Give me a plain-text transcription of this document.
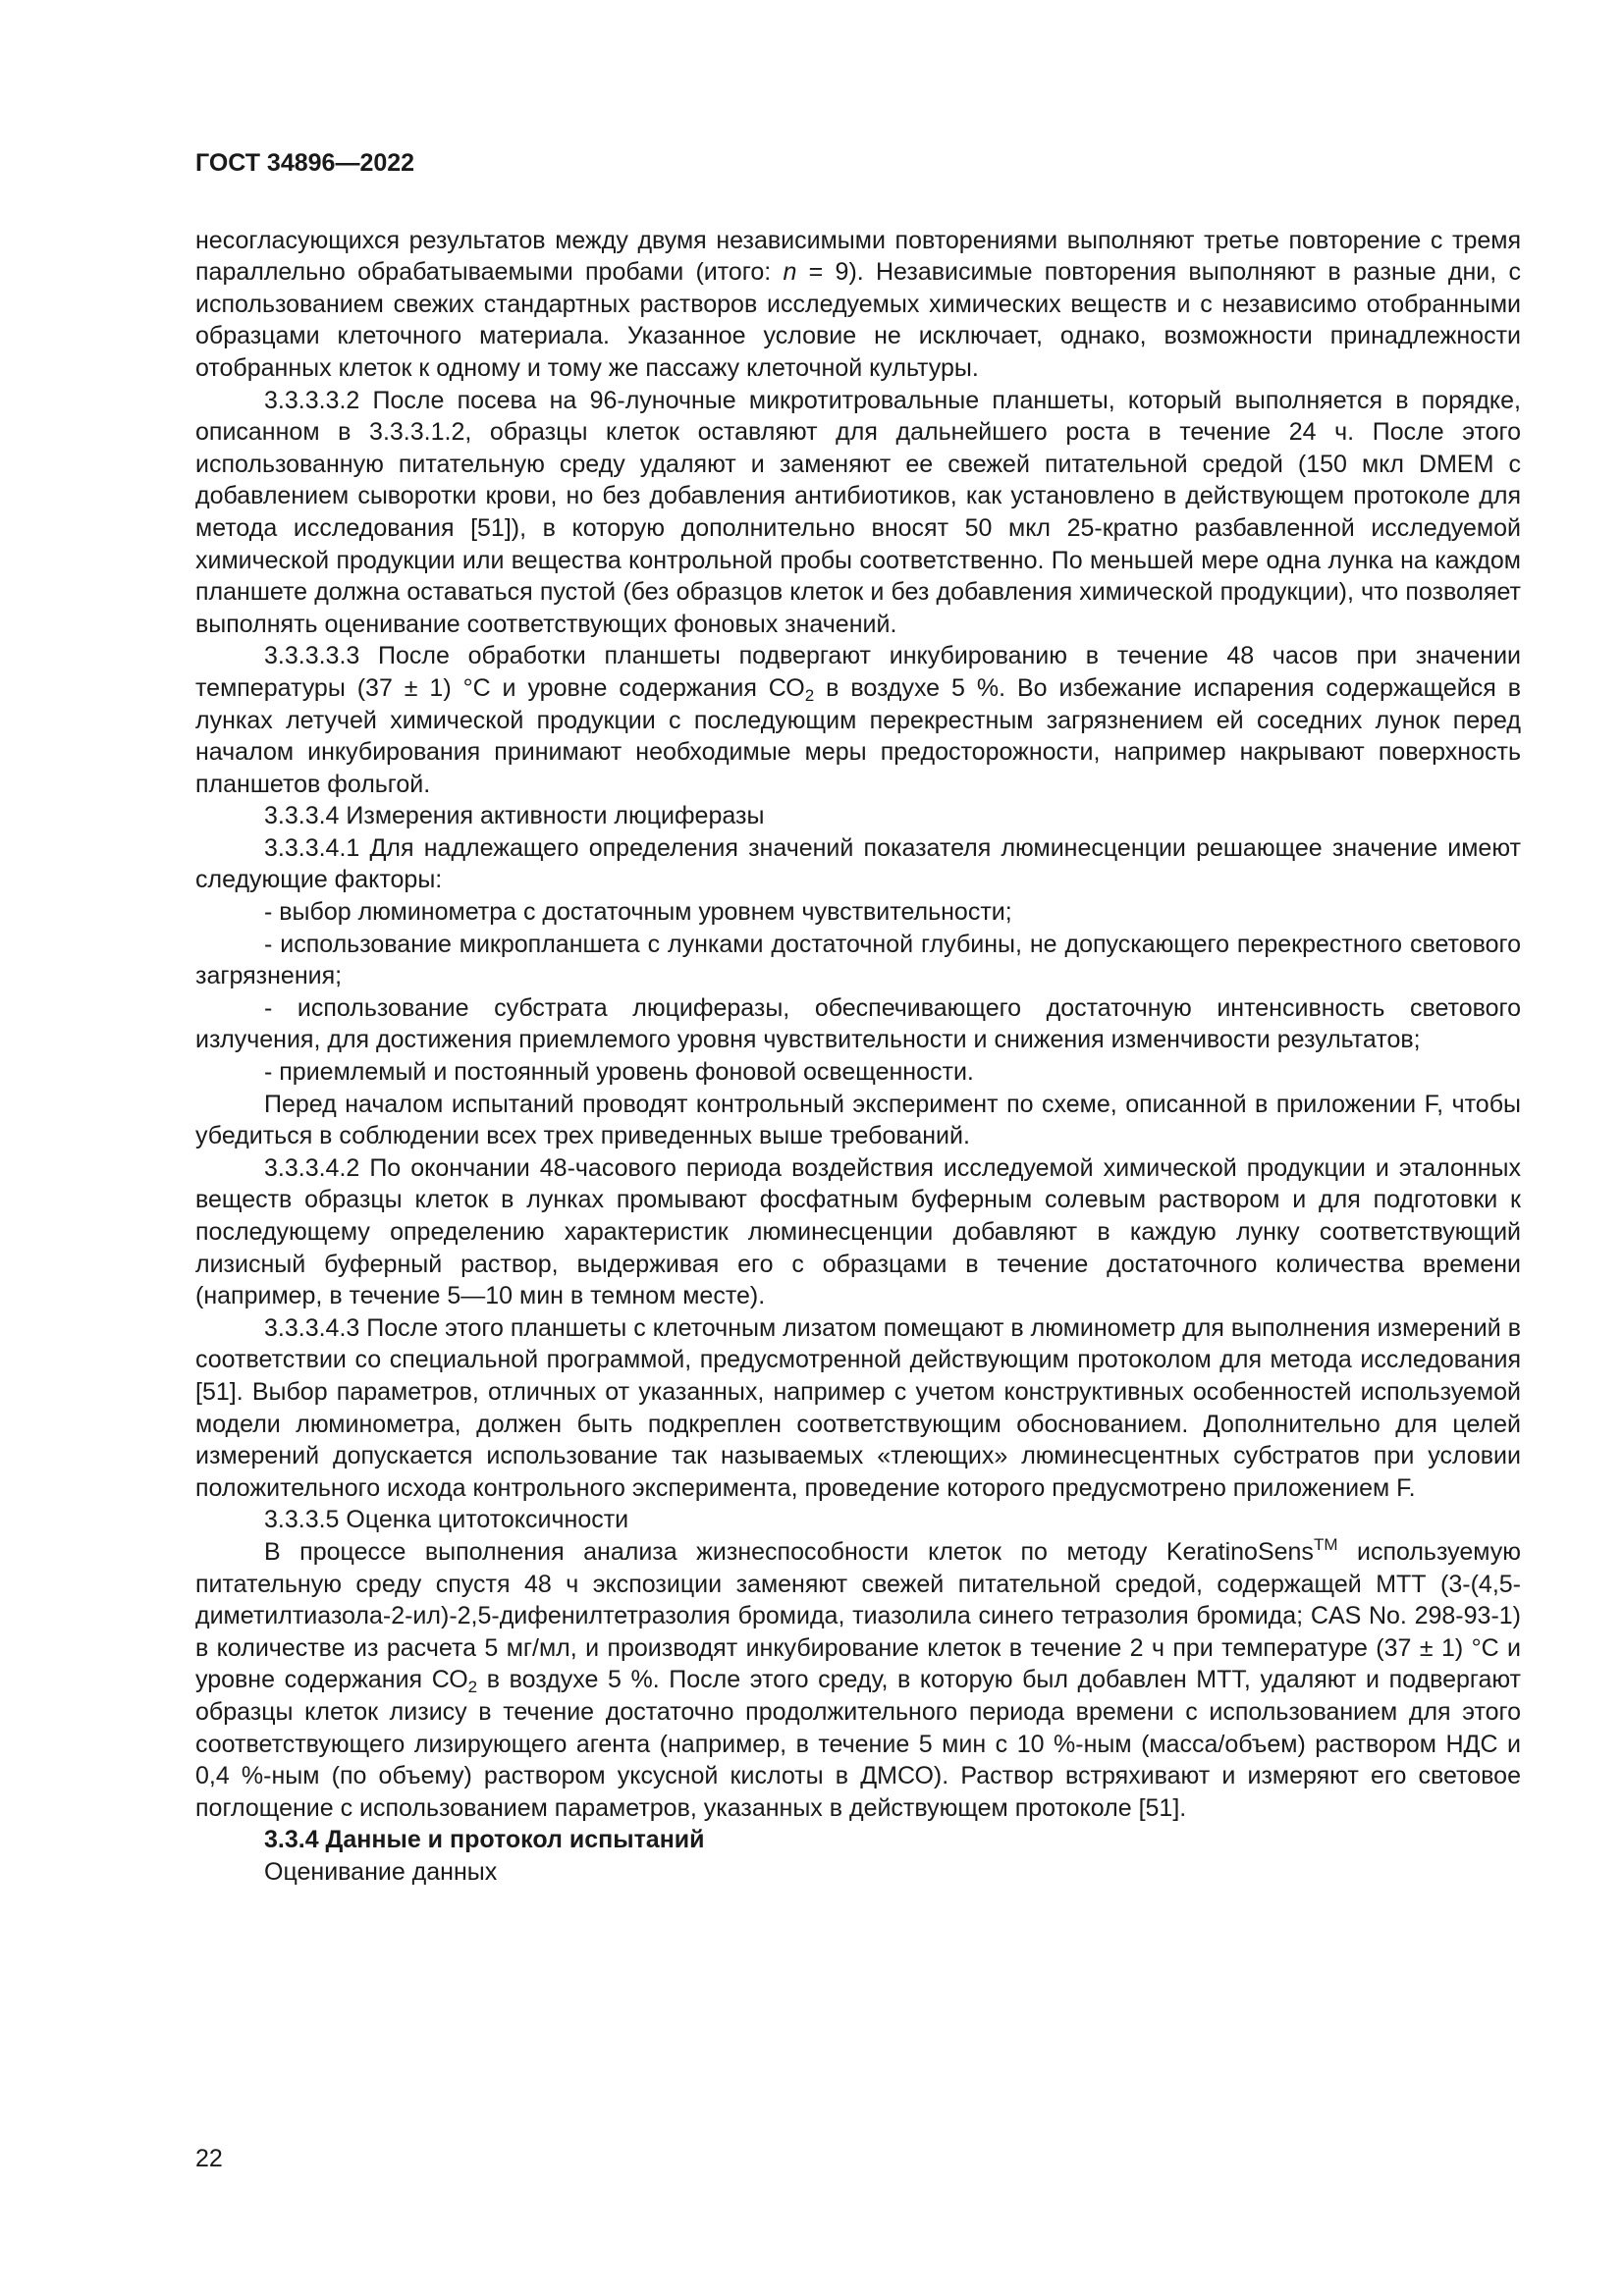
ГОСТ 34896—2022

несогласующихся результатов между двумя независимыми повторениями выполняют третье повторение с тремя параллельно обрабатываемыми пробами (итого: n = 9). Независимые повторения выполняют в разные дни, с использованием свежих стандартных растворов исследуемых химических веществ и с независимо отобранными образцами клеточного материала. Указанное условие не исключает, однако, возможности принадлежности отобранных клеток к одному и тому же пассажу клеточной культуры.

3.3.3.3.2 После посева на 96-луночные микротитровальные планшеты, который выполняется в порядке, описанном в 3.3.3.1.2, образцы клеток оставляют для дальнейшего роста в течение 24 ч. После этого использованную питательную среду удаляют и заменяют ее свежей питательной средой (150 мкл DMEM с добавлением сыворотки крови, но без добавления антибиотиков, как установлено в действующем протоколе для метода исследования [51]), в которую дополнительно вносят 50 мкл 25-кратно разбавленной исследуемой химической продукции или вещества контрольной пробы соответственно. По меньшей мере одна лунка на каждом планшете должна оставаться пустой (без образцов клеток и без добавления химической продукции), что позволяет выполнять оценивание соответствующих фоновых значений.

3.3.3.3.3 После обработки планшеты подвергают инкубированию в течение 48 часов при значении температуры (37 ± 1) °С и уровне содержания $СО_2$ в воздухе 5 %. Во избежание испарения содержащейся в лунках летучей химической продукции с последующим перекрестным загрязнением ей соседних лунок перед началом инкубирования принимают необходимые меры предосторожности, например накрывают поверхность планшетов фольгой.

3.3.3.4 Измерения активности люциферазы

3.3.3.4.1 Для надлежащего определения значений показателя люминесценции решающее значение имеют следующие факторы:

- выбор люминометра с достаточным уровнем чувствительности;

- использование микропланшета с лунками достаточной глубины, не допускающего перекрестного светового загрязнения;

- использование субстрата люциферазы, обеспечивающего достаточную интенсивность светового излучения, для достижения приемлемого уровня чувствительности и снижения изменчивости результатов;

- приемлемый и постоянный уровень фоновой освещенности.

Перед началом испытаний проводят контрольный эксперимент по схеме, описанной в приложении F, чтобы убедиться в соблюдении всех трех приведенных выше требований.

3.3.3.4.2 По окончании 48-часового периода воздействия исследуемой химической продукции и эталонных веществ образцы клеток в лунках промывают фосфатным буферным солевым раствором и для подготовки к последующему определению характеристик люминесценции добавляют в каждую лунку соответствующий лизисный буферный раствор, выдерживая его с образцами в течение достаточного количества времени (например, в течение 5—10 мин в темном месте).

3.3.3.4.3 После этого планшеты с клеточным лизатом помещают в люминометр для выполнения измерений в соответствии со специальной программой, предусмотренной действующим протоколом для метода исследования [51]. Выбор параметров, отличных от указанных, например с учетом конструктивных особенностей используемой модели люминометра, должен быть подкреплен соответствующим обоснованием. Дополнительно для целей измерений допускается использование так называемых «тлеющих» люминесцентных субстратов при условии положительного исхода контрольного эксперимента, проведение которого предусмотрено приложением F.

3.3.3.5 Оценка цитотоксичности

В процессе выполнения анализа жизнеспособности клеток по методу KeratinoSens™ используемую питательную среду спустя 48 ч экспозиции заменяют свежей питательной средой, содержащей МТТ (3-(4,5-диметилтиазола-2-ил)-2,5-дифенилтетразолия бромида, тиазолила синего тетразолия бромида; CAS No. 298-93-1) в количестве из расчета 5 мг/мл, и производят инкубирование клеток в течение 2 ч при температуре (37 ± 1) °С и уровне содержания $СО_2$ в воздухе 5 %. После этого среду, в которую был добавлен МТТ, удаляют и подвергают образцы клеток лизису в течение достаточно продолжительного периода времени с использованием для этого соответствующего лизирующего агента (например, в течение 5 мин с 10 %-ным (масса/объем) раствором НДС и 0,4 %-ным (по объему) раствором уксусной кислоты в ДМСО). Раствор встряхивают и измеряют его световое поглощение с использованием параметров, указанных в действующем протоколе [51].

3.3.4 Данные и протокол испытаний

Оценивание данных

22
